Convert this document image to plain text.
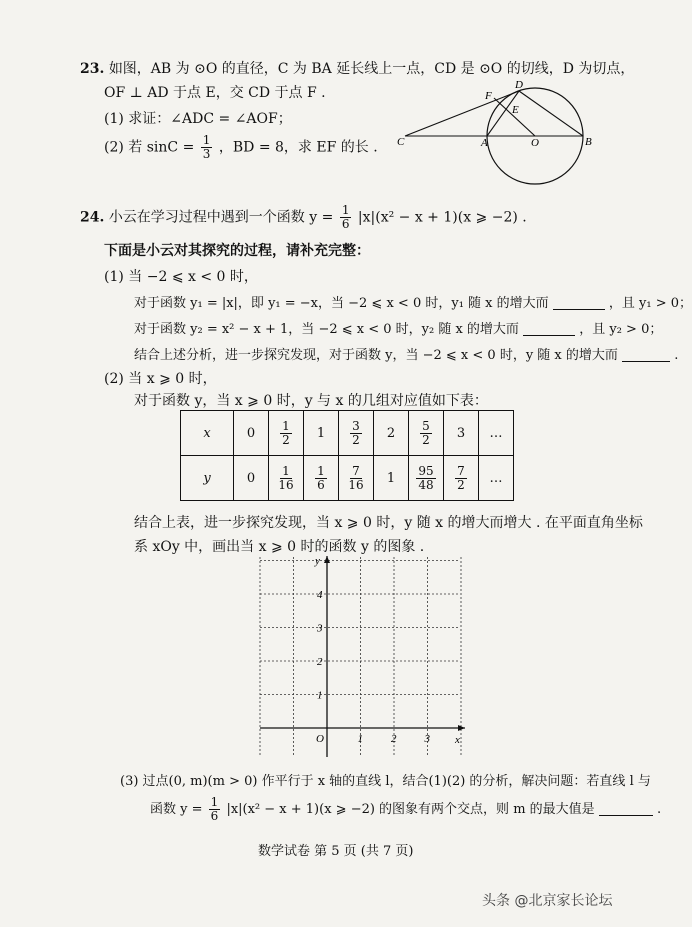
23. 如图，AB 为 ⊙O 的直径，C 为 BA 延长线上一点，CD 是 ⊙O 的切线，D 为切点，
OF ⊥ AD 于点 E，交 CD 于点 F .
(1) 求证：∠ADC = ∠AOF；
(2) 若 $\sin C = \frac{1}{3}$ ，BD = 8，求 EF 的长 .
F
D
E
C	A	O	B
24. 小云在学习过程中遇到一个函数 $y = \frac{1}{6} |x|(x^2 - x + 1)(x$ ⩾ −2) .
下面是小云对其探究的过程，请补充完整：
(1) 当 −2 ⩽ x < 0 时，
对于函数 y₁ = |x|，即 y₁ = −x，当 −2 ⩽ x < 0 时，y₁ 随 x 的增大而	，且 y₁ > 0；
对于函数 y₂ = x² − x + 1，当 −2 ⩽ x < 0 时，y₂ 随 x 的增大而	，且 y₂ > 0；
结合上述分析，进一步探究发现，对于函数 y，当 −2 ⩽ x < 0 时，y 随 x 的增大而	.
(2) 当 x ⩾ 0 时，
对于函数 y，当 x ⩾ 0 时，y 与 x 的几组对应值如下表：
x	0	$\frac{1}{2}$	1	$\frac{3}{2}$	2	$\frac{5}{2}$	3	…
y	0	$\frac{1}{16}$	$\frac{1}{6}$	$\frac{7}{16}$	1	$\frac{95}{48}$	$\frac{7}{2}$	…
结合上表，进一步探究发现，当 x ⩾ 0 时，y 随 x 的增大而增大 . 在平面直角坐标
系 xOy 中，画出当 x ⩾ 0 时的函数 y 的图象 .
y
x
O	1	2	3
1
2
3
4
(3) 过点(0, m)(m > 0) 作平行于 x 轴的直线 l，结合(1)(2) 的分析，解决问题：若直线 l 与
函数 $y = \frac{1}{6} |x|(x^2 - x + 1)(x$ ⩾ −2) 的图象有两个交点，则 m 的最大值是	.
数学试卷 第 5 页 (共 7 页)
头条 @北京家长论坛
